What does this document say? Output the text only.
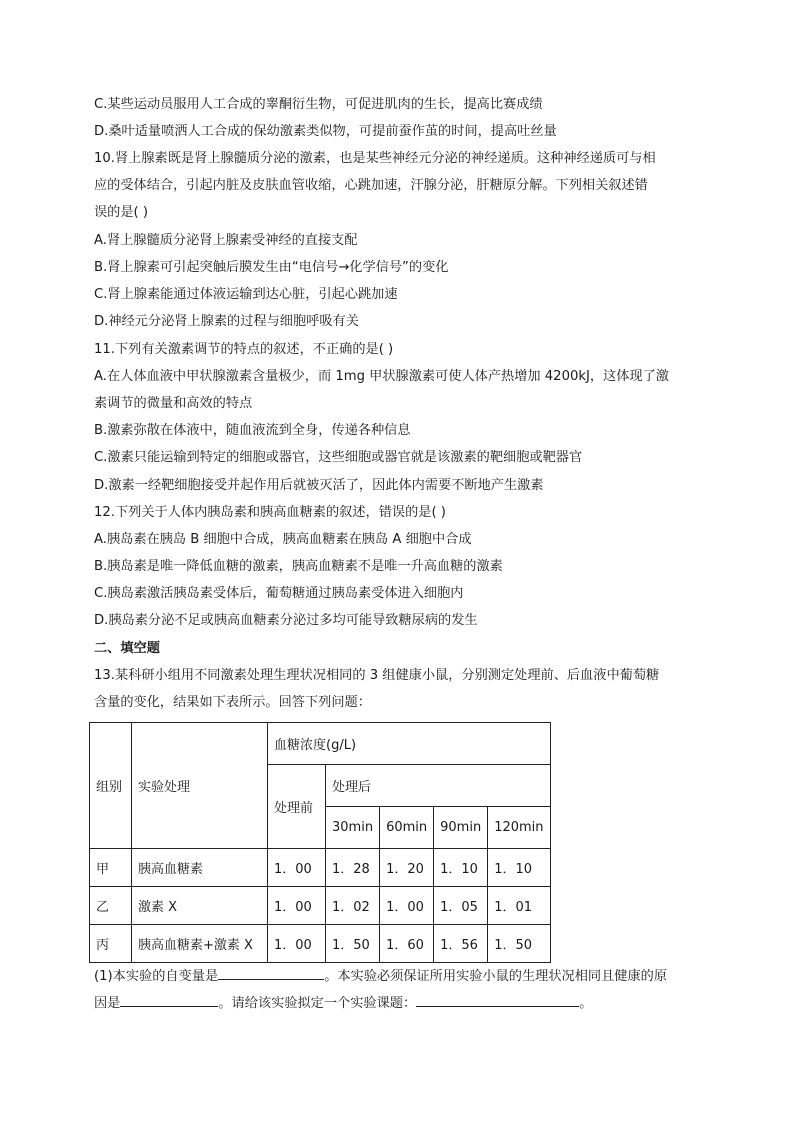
C.某些运动员服用人工合成的睾酮衍生物，可促进肌肉的生长，提高比赛成绩
D.桑叶适量喷洒人工合成的保幼激素类似物，可提前蚕作茧的时间，提高吐丝量
10.肾上腺素既是肾上腺髓质分泌的激素，也是某些神经元分泌的神经递质。这种神经递质可与相
应的受体结合，引起内脏及皮肤血管收缩，心跳加速，汗腺分泌，肝糖原分解。下列相关叙述错
误的是( )
A.肾上腺髓质分泌肾上腺素受神经的直接支配
B.肾上腺素可引起突触后膜发生由“电信号→化学信号”的变化
C.肾上腺素能通过体液运输到达心脏，引起心跳加速
D.神经元分泌肾上腺素的过程与细胞呼吸有关
11.下列有关激素调节的特点的叙述，不正确的是( )
A.在人体血液中甲状腺激素含量极少，而 1mg 甲状腺激素可使人体产热增加 4200kJ，这体现了激
素调节的微量和高效的特点
B.激素弥散在体液中，随血液流到全身，传递各种信息
C.激素只能运输到特定的细胞或器官，这些细胞或器官就是该激素的靶细胞或靶器官
D.激素一经靶细胞接受并起作用后就被灭活了，因此体内需要不断地产生激素
12.下列关于人体内胰岛素和胰高血糖素的叙述，错误的是( )
A.胰岛素在胰岛 B 细胞中合成，胰高血糖素在胰岛 A 细胞中合成
B.胰岛素是唯一降低血糖的激素，胰高血糖素不是唯一升高血糖的激素
C.胰岛素激活胰岛素受体后，葡萄糖通过胰岛素受体进入细胞内
D.胰岛素分泌不足或胰高血糖素分泌过多均可能导致糖尿病的发生
二、填空题
13.某科研小组用不同激素处理生理状况相同的 3 组健康小鼠，分别测定处理前、后血液中葡萄糖
含量的变化，结果如下表所示。回答下列问题：
组别	实验处理	血糖浓度(g/L)				
		处理前	处理后			
			30min	60min	90min	120min
甲	胰高血糖素	1．00	1．28	1．20	1．10	1．10
乙	激素 X	1．00	1．02	1．00	1．05	1．01
丙	胰高血糖素+激素 X	1．00	1．50	1．60	1．56	1．50
(1)本实验的自变量是	。本实验必须保证所用实验小鼠的生理状况相同且健康的原
因是	。请给该实验拟定一个实验课题：	。
